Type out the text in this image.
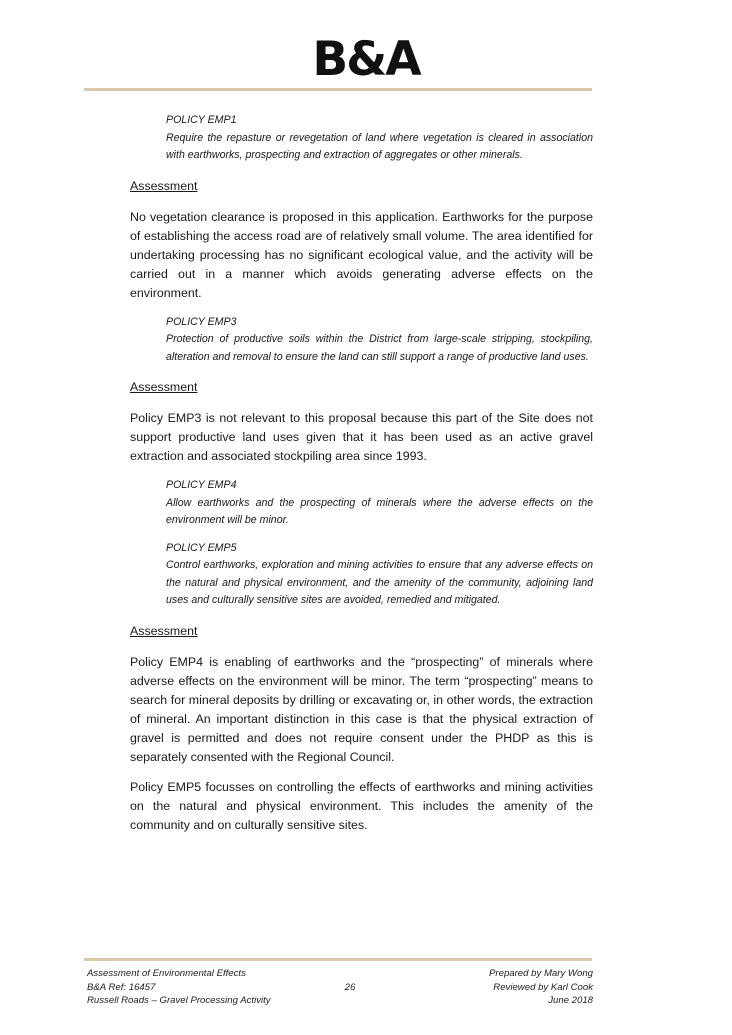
B&A
POLICY EMP1
Require the repasture or revegetation of land where vegetation is cleared in association with earthworks, prospecting and extraction of aggregates or other minerals.
Assessment

No vegetation clearance is proposed in this application. Earthworks for the purpose of establishing the access road are of relatively small volume. The area identified for undertaking processing has no significant ecological value, and the activity will be carried out in a manner which avoids generating adverse effects on the environment.

POLICY EMP3
Protection of productive soils within the District from large-scale stripping, stockpiling, alteration and removal to ensure the land can still support a range of productive land uses.
Assessment

Policy EMP3 is not relevant to this proposal because this part of the Site does not support productive land uses given that it has been used as an active gravel extraction and associated stockpiling area since 1993.

POLICY EMP4
Allow earthworks and the prospecting of minerals where the adverse effects on the environment will be minor.
POLICY EMP5
Control earthworks, exploration and mining activities to ensure that any adverse effects on the natural and physical environment, and the amenity of the community, adjoining land uses and culturally sensitive sites are avoided, remedied and mitigated.
Assessment

Policy EMP4 is enabling of earthworks and the “prospecting” of minerals where adverse effects on the environment will be minor. The term “prospecting” means to search for mineral deposits by drilling or excavating or, in other words, the extraction of mineral. An important distinction in this case is that the physical extraction of gravel is permitted and does not require consent under the PHDP as this is separately consented with the Regional Council.

Policy EMP5 focusses on controlling the effects of earthworks and mining activities on the natural and physical environment. This includes the amenity of the community and on culturally sensitive sites.

Assessment of Environmental Effects
B&A Ref: 16457
Russell Roads – Gravel Processing Activity
26
Prepared by Mary Wong
Reviewed by Karl Cook
June 2018
